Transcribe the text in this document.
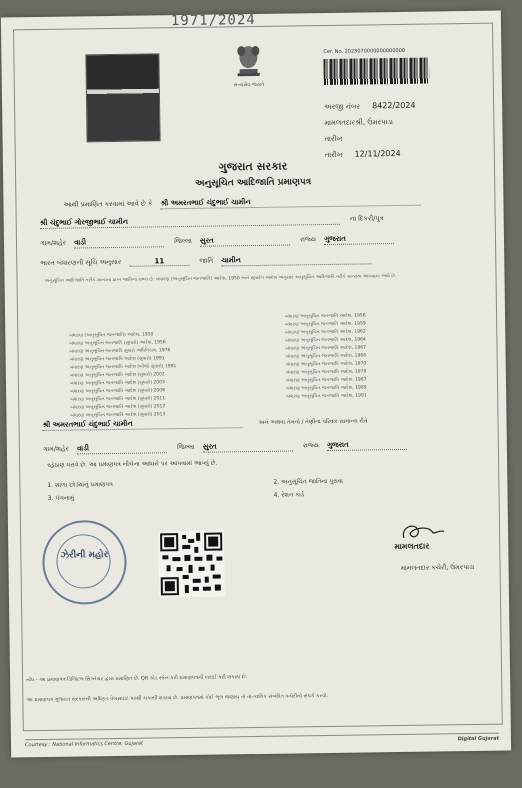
1971/2024
સત્યમેવ જયતે
Cer. No. 2023070000000000000
અરજી નંબર 8422/2024
મામલતદારશ્રી, ઉંમરપાડા
તારીખ
તારીખ 12/11/2024
ગુજરાત સરકાર
અનુસૂચિત આદિજાતિ પ્રમાણપત્ર
આથી પ્રમાણિત કરવામાં આવે છે કે શ્રી અમરતભાઈ ચંદુભાઈ ચામીન
શ્રી ચંદુભાઈ ગોરજીભાઈ ચામીન	ના દિકરી/પુત્ર
ગામ/શહેર વાડી	જિલ્લા સુરત	રાજ્ય ગુજરાત
ભારત બંધારણની સૂચિ અનુસાર	11	જાતિ ચામીન
અનુસૂચિત આદિજાતિ તરીકે માન્યતા પ્રાપ્ત જાતિના સભ્ય છે. બંધારણ (અનુસૂચિત જનજાતિ) આદેશ, 1950 અને સુધારેલ આદેશ અનુસાર અનુસૂચિત આદિજાતિ તરીકે માન્યતા આપવામાં આવે છે.
બંધારણ (અનુસૂચિત જનજાતિ) આદેશ, 1950
બંધારણ અનુસૂચિત જનજાતિ (સુધારો) આદેશ, 1956
બંધારણ અનુસૂચિત જનજાતિ સુધારો અધિનિયમ, 1976
બંધારણ અનુસૂચિત જનજાતિ આદેશ (સુધારો) 1991
બંધારણ અનુસૂચિત જનજાતિ આદેશ (બીજો સુધારો) 1991
બંધારણ અનુસૂચિત જનજાતિ આદેશ (સુધારો) 2002
બંધારણ અનુસૂચિત જનજાતિ આદેશ (સુધારો) 2003
બંધારણ અનુસૂચિત જનજાતિ આદેશ (સુધારો) 2008
બંધારણ અનુસૂચિત જનજાતિ આદેશ (સુધારો) 2011
બંધારણ અનુસૂચિત જનજાતિ આદેશ (સુધારો) 2012
બંધારણ અનુસૂચિત જનજાતિ આદેશ (સુધારો) 2013
બંધારણ અનુસૂચિત જનજાતિ આદેશ, 1956
બંધારણ અનુસૂચિત જનજાતિ આદેશ, 1959
બંધારણ અનુસૂચિત જનજાતિ આદેશ, 1962
બંધારણ અનુસૂચિત જનજાતિ આદેશ, 1964
બંધારણ અનુસૂચિત જનજાતિ આદેશ, 1967
બંધારણ અનુસૂચિત જનજાતિ આદેશ, 1968
બંધારણ અનુસૂચિત જનજાતિ આદેશ, 1970
બંધારણ અનુસૂચિત જનજાતિ આદેશ, 1978
બંધારણ અનુસૂચિત જનજાતિ આદેશ, 1987
બંધારણ અનુસૂચિત જનજાતિ આદેશ, 1989
બંધારણ અનુસૂચિત જનજાતિ આદેશ, 1991
શ્રી અમરતભાઈ ચંદુભાઈ ચામીન	અને અથવા તેમનો / તેણીના પરિવાર સામાન્ય રીતે
ગામ/શહેર વાડી	જિલ્લા સુરત	રાજ્ય ગુજરાત
રહેઠાણ ધરાવે છે. આ પ્રમાણપત્ર નીચેના આધારો પર આપવામાં આવ્યું છે.
1. શાળા છોડ્યાનું પ્રમાણપત્ર
3. પંચનામું
2. અનુસૂચિત જાતિના પુરાવા
4. રેશન કાર્ડ
ઝેરીની મહોર
મામલતદાર
મામલતદાર કચેરી, ઉંમરપાડા
નોંધ - આ પ્રમાણપત્ર ડિજિટલ સિગ્નેચર દ્વારા પ્રમાણિત છે. QR કોડ સ્કેન કરી પ્રમાણપત્રની ખરાઈ કરી શકાય છે.
આ પ્રમાણપત્ર ગુજરાત સરકારની અધિકૃત વેબસાઇટ પરથી ચકાસી શકાય છે. પ્રમાણપત્રમાં કોઈ ભૂલ જણાય તો તાત્કાલિક સંબંધિત કચેરીનો સંપર્ક કરવો.
Courtesy : National Informatics Centre, Gujarat
Digital Gujarat
